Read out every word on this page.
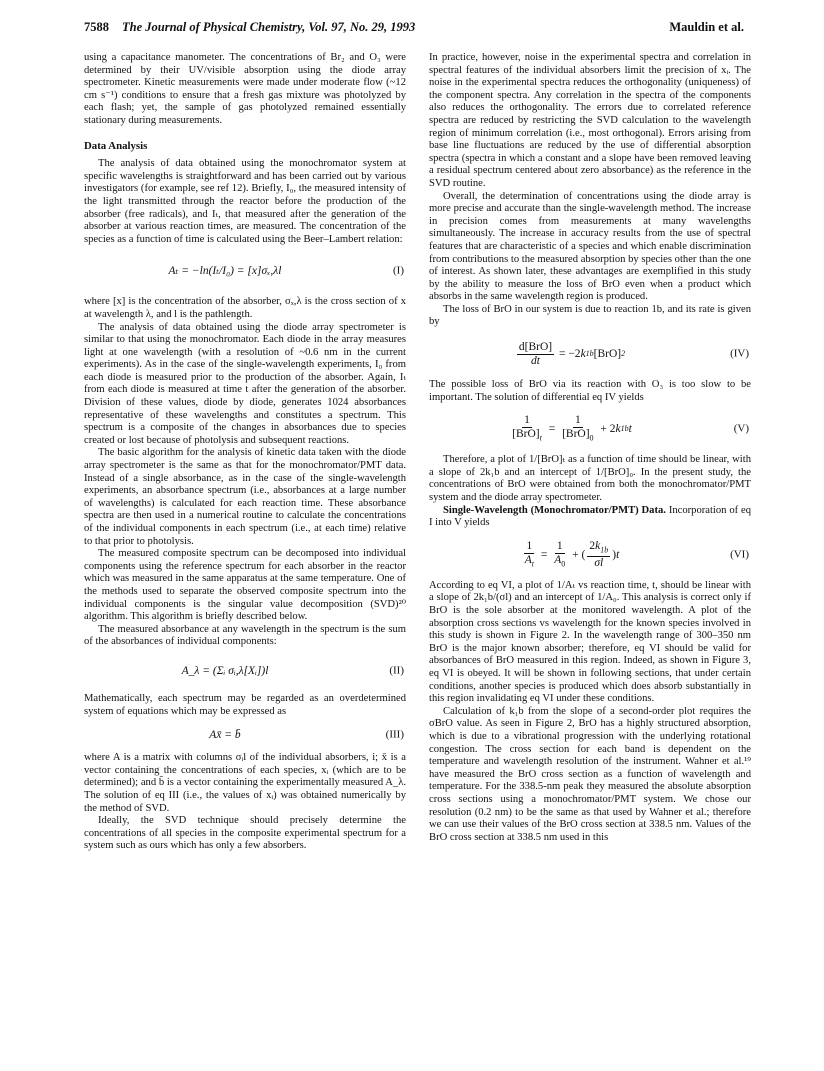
7588 The Journal of Physical Chemistry, Vol. 97, No. 29, 1993	Mauldin et al.

using a capacitance manometer. The concentrations of Br₂ and O₃ were determined by their UV/visible absorption using the diode array spectrometer. Kinetic measurements were made under moderate flow (~12 cm s⁻¹) conditions to ensure that a fresh gas mixture was photolyzed by each flash; yet, the sample of gas photolyzed remained essentially stationary during measurements.

Data Analysis

The analysis of data obtained using the monochromator system at specific wavelengths is straightforward and has been carried out by various investigators (for example, see ref 12). Briefly, I₀, the measured intensity of the light transmitted through the reactor before the production of the absorber (free radicals), and Iₜ, that measured after the generation of the absorber at various reaction times, are measured. The concentration of the species as a function of time is calculated using the Beer–Lambert relation:

Aₜ = −ln(Iₜ/I₀) = [x]σₓ,λl	(I)

where [x] is the concentration of the absorber, σₓ,λ is the cross section of x at wavelength λ, and l is the pathlength.

The analysis of data obtained using the diode array spectrometer is similar to that using the monochromator. Each diode in the array measures light at one wavelength (with a resolution of ~0.6 nm in the current experiments). As in the case of the single-wavelength experiments, I₀ from each diode is measured prior to the production of the absorber. Again, Iₜ from each diode is measured at time t after the generation of the absorber. Division of these values, diode by diode, generates 1024 absorbances representative of these wavelengths and constitutes a spectrum. This spectrum is a composite of the changes in absorbances due to species created or lost because of photolysis and subsequent reactions.

The basic algorithm for the analysis of kinetic data taken with the diode array spectrometer is the same as that for the monochromator/PMT data. Instead of a single absorbance, as in the case of the single-wavelength experiments, an absorbance spectrum (i.e., absorbances at a large number of wavelengths) is calculated for each reaction time. These absorbance spectra are then used in a numerical routine to calculate the concentrations of the individual components in each spectrum (i.e., at each time) relative to that prior to photolysis.

The measured composite spectrum can be decomposed into individual components using the reference spectrum for each absorber in the reactor which was measured in the same apparatus at the same temperature. One of the methods used to separate the observed composite spectrum into the individual components is the singular value decomposition (SVD)²⁰ algorithm. This algorithm is briefly described below.

The measured absorbance at any wavelength in the spectrum is the sum of the absorbances of individual components:

A_λ = (Σᵢ σᵢ,λ[Xᵢ])l	(II)

Mathematically, each spectrum may be regarded as an overdetermined system of equations which may be expressed as

Ax̄ = b̄	(III)

where A is a matrix with columns σᵢl of the individual absorbers, i; x̄ is a vector containing the concentrations of each species, xᵢ (which are to be determined); and b̄ is a vector containing the experimentally measured A_λ. The solution of eq III (i.e., the values of xᵢ) was obtained numerically by the method of SVD.

Ideally, the SVD technique should precisely determine the concentrations of all species in the composite experimental spectrum for a system such as ours which has only a few absorbers.

In practice, however, noise in the experimental spectra and correlation in spectral features of the individual absorbers limit the precision of xᵢ. The noise in the experimental spectra reduces the orthogonality (uniqueness) of the component spectra. Any correlation in the spectra of the components also reduces the orthogonality. The errors due to correlated reference spectra are reduced by restricting the SVD calculation to the wavelength region of minimum correlation (i.e., most orthogonal). Errors arising from base line fluctuations are reduced by the use of differential absorption spectra (spectra in which a constant and a slope have been removed leaving a residual spectrum centered about zero absorbance) as the reference in the SVD routine.

Overall, the determination of concentrations using the diode array is more precise and accurate than the single-wavelength method. The increase in precision comes from measurements at many wavelengths simultaneously. The increase in accuracy results from the use of spectral features that are characteristic of a species and which enable discrimination from contributions to the measured absorption by species other than the one of interest. As shown later, these advantages are exemplified in this study by the ability to measure the loss of BrO even when a product which absorbs in the same wavelength region is produced.

The loss of BrO in our system is due to reaction 1b, and its rate is given by

$\frac{\text{d[BrO]}}{dt} = -2$ k 1b [BrO] 2	(IV)

The possible loss of BrO via its reaction with O₃ is too slow to be important. The solution of differential eq IV yields

$\frac{1}{[BrO]_t} = \frac{1}{[BrO]_0} + 2$ k 1b t	(V)

Therefore, a plot of 1/[BrO]ₜ as a function of time should be linear, with a slope of 2k₁b and an intercept of 1/[BrO]₀. In the present study, the concentrations of BrO were obtained from both the monochromator/PMT system and the diode array spectrometer.

Single-Wavelength (Monochromator/PMT) Data. Incorporation of eq I into V yields

$\frac{1}{A_t} = \frac{1}{A_0}$ + ( $\frac{2k_{1b}}{\sigma l}$ ) t	(VI)

According to eq VI, a plot of 1/Aₜ vs reaction time, t, should be linear with a slope of 2k₁b/(σl) and an intercept of 1/A₀. This analysis is correct only if BrO is the sole absorber at the monitored wavelength. A plot of the absorption cross sections vs wavelength for the known species involved in this study is shown in Figure 2. In the wavelength range of 300–350 nm BrO is the major known absorber; therefore, eq VI should be valid for absorbances of BrO measured in this region. Indeed, as shown in Figure 3, eq VI is obeyed. It will be shown in following sections, that under certain conditions, another species is produced which does absorb substantially in this region invalidating eq VI under these conditions.

Calculation of k₁b from the slope of a second-order plot requires the σBrO value. As seen in Figure 2, BrO has a highly structured absorption, which is due to a vibrational progression with the underlying rotational congestion. The cross section for each band is dependent on the temperature and wavelength resolution of the instrument. Wahner et al.¹⁹ have measured the BrO cross section as a function of wavelength and temperature. For the 338.5-nm peak they measured the absolute absorption cross sections using a monochromator/PMT system. We chose our resolution (0.2 nm) to be the same as that used by Wahner et al.; therefore we can use their values of the BrO cross section at 338.5 nm. Values of the BrO cross section at 338.5 nm used in this
